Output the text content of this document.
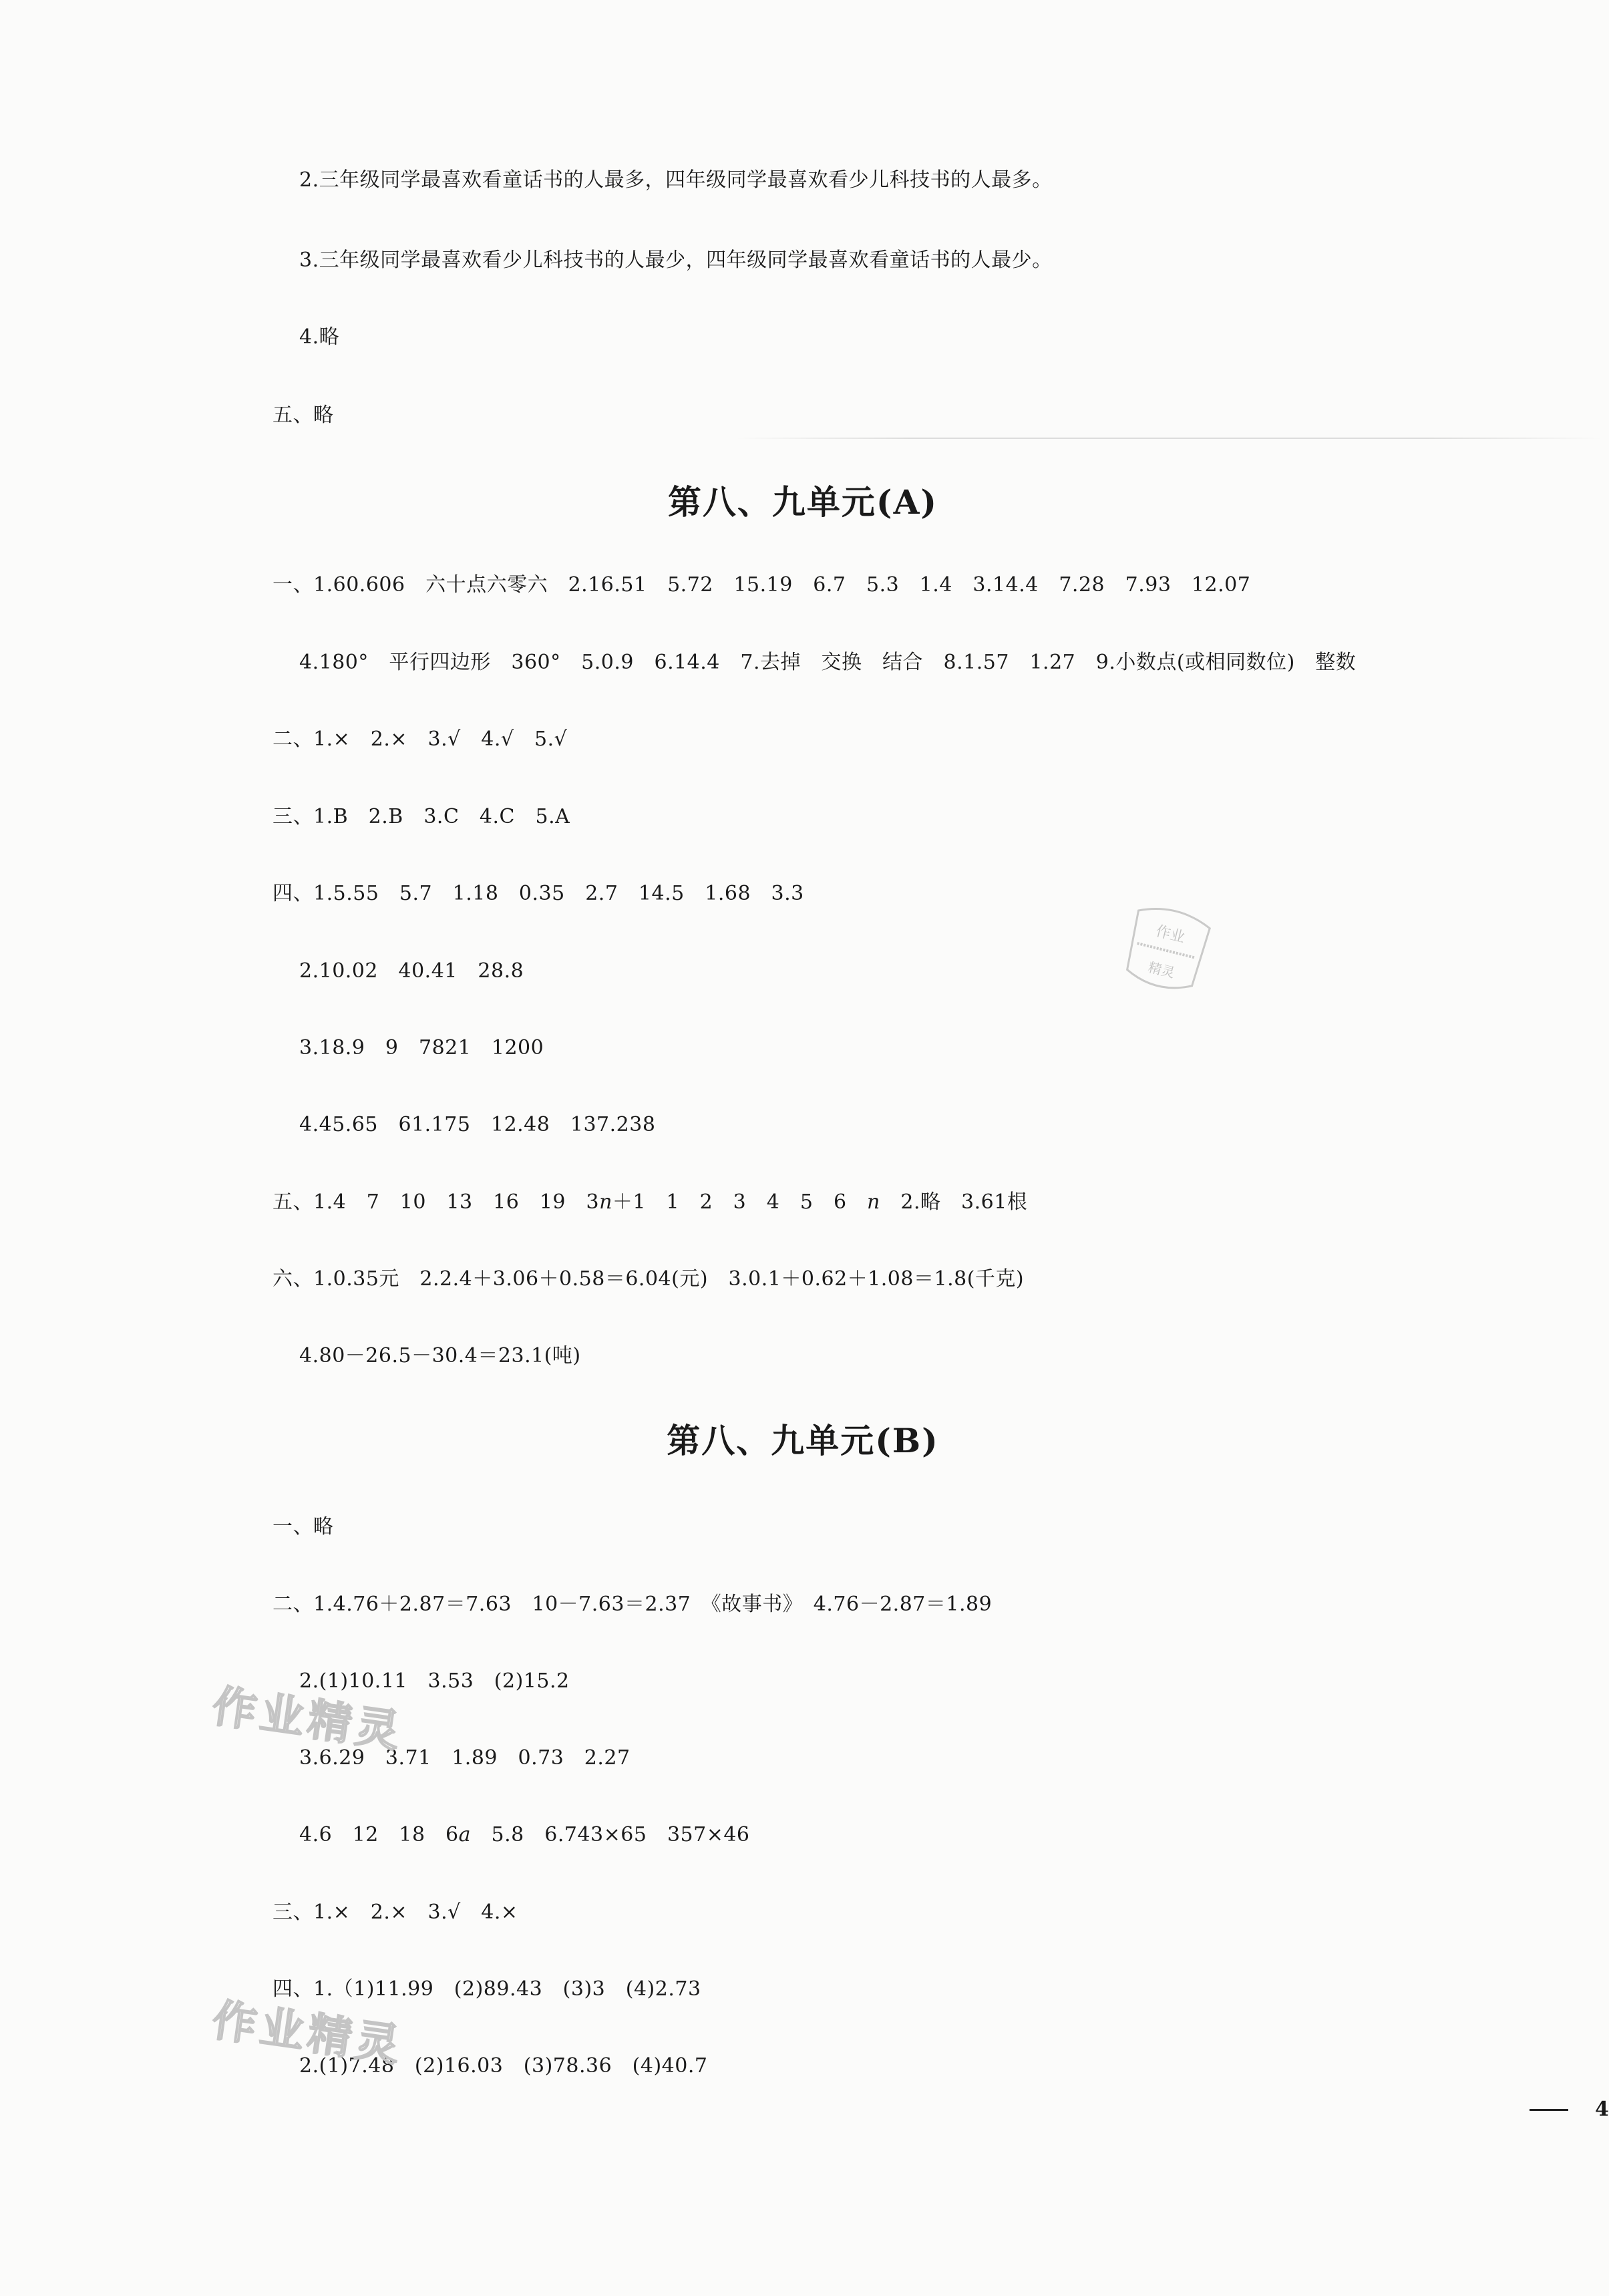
2.三年级同学最喜欢看童话书的人最多，四年级同学最喜欢看少儿科技书的人最多。
3.三年级同学最喜欢看少儿科技书的人最少，四年级同学最喜欢看童话书的人最少。
4.略
五、略
第八、九单元(A)
一、1.60.606　六十点六零六　2.16.51　5.72　15.19　6.7　5.3　1.4　3.14.4　7.28　7.93　12.07
4.180°　平行四边形　360°　5.0.9　6.14.4　7.去掉　交换　结合　8.1.57　1.27　9.小数点(或相同数位)　整数
二、1.×　2.×　3.√　4.√　5.√
三、1.B　2.B　3.C　4.C　5.A
四、1.5.55　5.7　1.18　0.35　2.7　14.5　1.68　3.3
2.10.02　40.41　28.8
3.18.9　9　7821　1200
4.45.65　61.175　12.48　137.238
五、1.4　7　10　13　16　19　3n＋1　1　2　3　4　5　6　n　2.略　3.61根
六、1.0.35元　2.2.4＋3.06＋0.58＝6.04(元)　3.0.1＋0.62＋1.08＝1.8(千克)
4.80－26.5－30.4＝23.1(吨)
第八、九单元(B)
一、略
二、1.4.76＋2.87＝7.63　10－7.63＝2.37　《故事书》　4.76－2.87＝1.89
2.(1)10.11　3.53　(2)15.2
3.6.29　3.71　1.89　0.73　2.27
4.6　12　18　6a　5.8　6.743×65　357×46
三、1.×　2.×　3.√　4.×
四、1.（1)11.99　(2)89.43　(3)3　(4)2.73
2.(1)7.48　(2)16.03　(3)78.36　(4)40.7
作业精灵
作业精灵
作业
精灵
4
